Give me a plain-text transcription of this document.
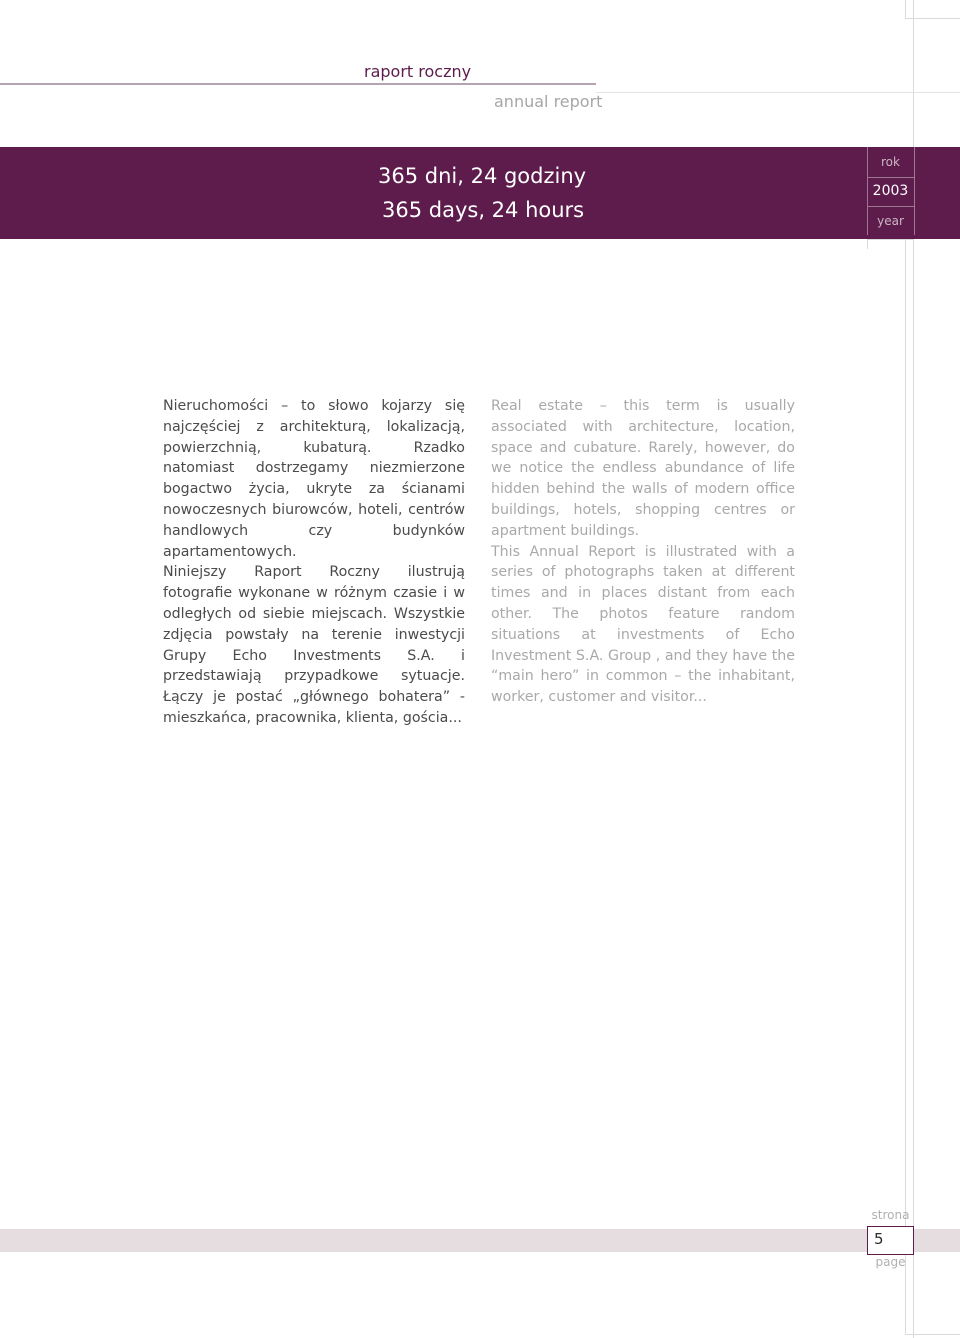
raport roczny
annual report
365 dni, 24 godziny
365 days, 24 hours
rok
2003
year

Nieruchomości – to słowo kojarzy się najczęściej z architekturą, lokalizacją, powierzchnią, kubaturą. Rzadko natomiast dostrzegamy niezmierzone bogactwo życia, ukryte za ścianami nowoczesnych biurowców, hoteli, centrów handlowych czy budynków apartamentowych.

Niniejszy Raport Roczny ilustrują fotografie wykonane w różnym czasie i w odległych od siebie miejscach. Wszystkie zdjęcia powstały na terenie inwestycji Grupy Echo Investments S.A. i przedstawiają przypadkowe sytuacje. Łączy je postać „głównego bohatera” - mieszkańca, pracownika, klienta, gościa...

Real estate – this term is usually associated with architecture, location, space and cubature. Rarely, however, do we notice the endless abundance of life hidden behind the walls of modern office buildings, hotels, shopping centres or apartment buildings.

This Annual Report is illustrated with a series of photographs taken at different times and in places distant from each other. The photos feature random situations at investments of Echo Investment S.A. Group , and they have the “main hero” in common – the inhabitant, worker, customer and visitor...

strona
5
page
